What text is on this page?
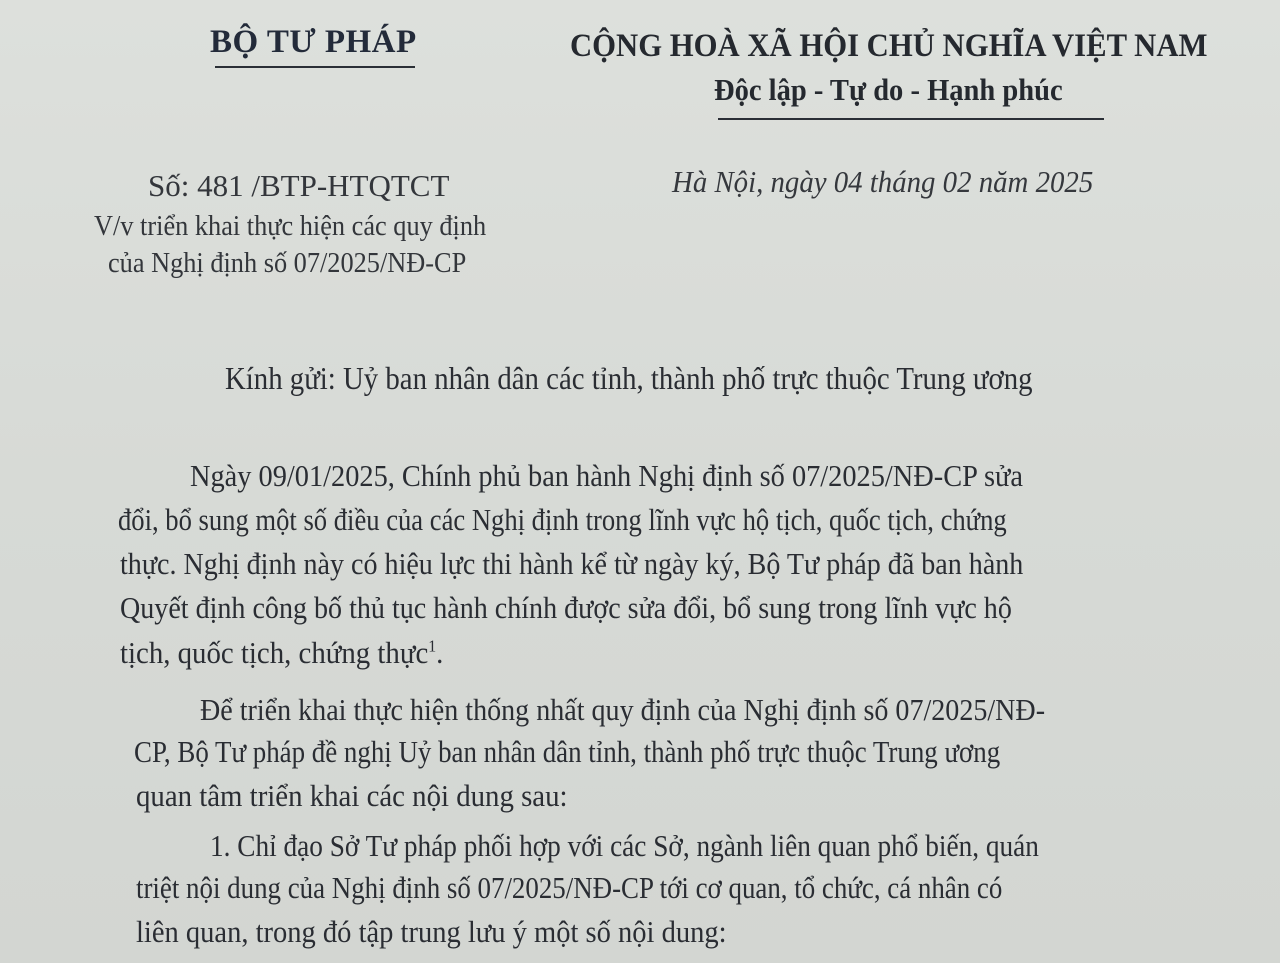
BỘ TƯ PHÁP	CỘNG HOÀ XÃ HỘI CHỦ NGHĨA VIỆT NAM
Độc lập - Tự do - Hạnh phúc
Số: 481 /BTP-HTQTCT
V/v triển khai thực hiện các quy định
của Nghị định số 07/2025/NĐ-CP
Hà Nội, ngày 04 tháng 02 năm 2025
Kính gửi: Uỷ ban nhân dân các tỉnh, thành phố trực thuộc Trung ương
Ngày 09/01/2025, Chính phủ ban hành Nghị định số 07/2025/NĐ-CP sửa
đổi, bổ sung một số điều của các Nghị định trong lĩnh vực hộ tịch, quốc tịch, chứng
thực. Nghị định này có hiệu lực thi hành kể từ ngày ký, Bộ Tư pháp đã ban hành
Quyết định công bố thủ tục hành chính được sửa đổi, bổ sung trong lĩnh vực hộ
tịch, quốc tịch, chứng thực$^1$.
Để triển khai thực hiện thống nhất quy định của Nghị định số 07/2025/NĐ-
CP, Bộ Tư pháp đề nghị Uỷ ban nhân dân tỉnh, thành phố trực thuộc Trung ương
quan tâm triển khai các nội dung sau:
1. Chỉ đạo Sở Tư pháp phối hợp với các Sở, ngành liên quan phổ biến, quán
triệt nội dung của Nghị định số 07/2025/NĐ-CP tới cơ quan, tổ chức, cá nhân có
liên quan, trong đó tập trung lưu ý một số nội dung:
